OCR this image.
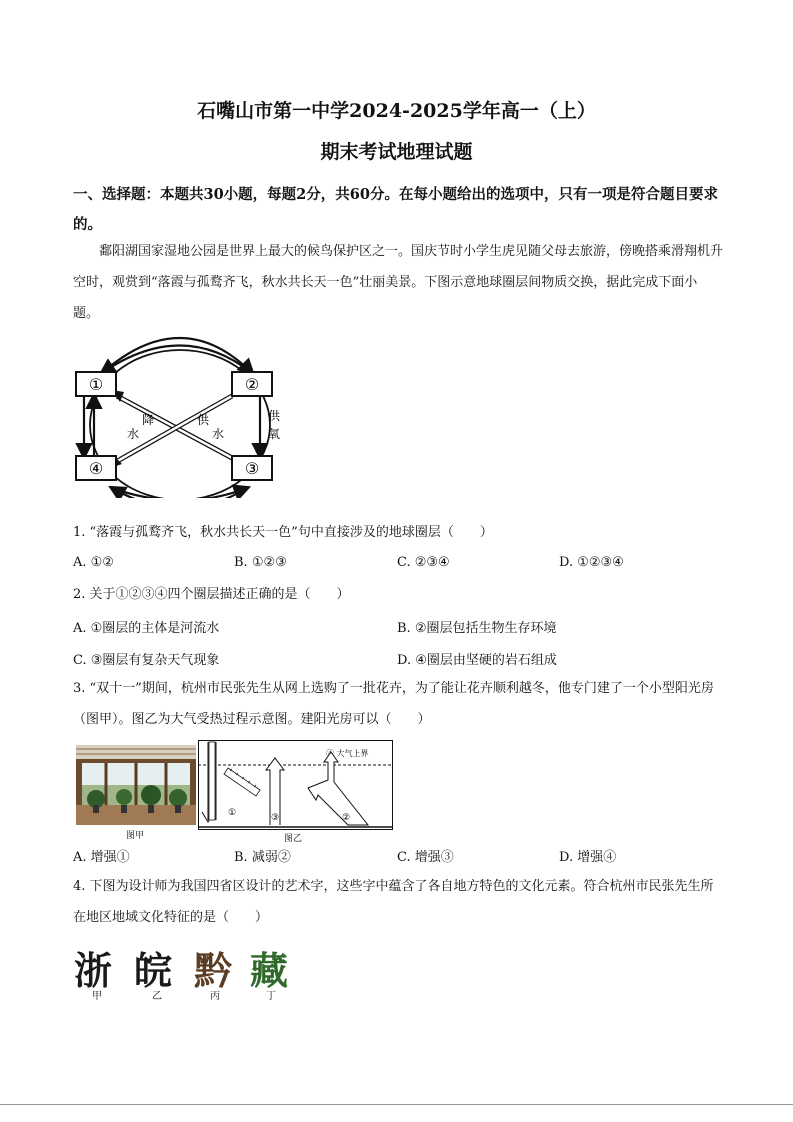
石嘴山市第一中学2024-2025学年高一（上）
期末考试地理试题
一、选择题：本题共30小题，每题2分，共60分。在每小题给出的选项中，只有一项是符合题目要求的。
鄱阳湖国家湿地公园是世界上最大的候鸟保护区之一。国庆节时小学生虎见随父母去旅游，傍晚搭乘滑翔机升空时，观赏到“落霞与孤鹜齐飞，秋水共长天一色”壮丽美景。下图示意地球圈层间物质交换，据此完成下面小题。
①	②
④	③
降
水
供
水
供
氧
1. “落霞与孤鹜齐飞，秋水共长天一色”句中直接涉及的地球圈层（　　）
A. ①②	B. ①②③	C. ②③④	D. ①②③④
2. 关于①②③④四个圈层描述正确的是（　　）
A. ①圈层的主体是河流水	B. ②圈层包括生物生存环境
C. ③圈层有复杂天气现象	D. ④圈层由坚硬的岩石组成
3. “双十一”期间，杭州市民张先生从网上选购了一批花卉，为了能让花卉顺利越冬，他专门建了一个小型阳光房（图甲）。图乙为大气受热过程示意图。建阳光房可以（　　）
图甲
④ 大气上界
①	③	②
图乙
A. 增强①	B. 减弱②	C. 增强③	D. 增强④
4. 下图为设计师为我国四省区设计的艺术字，这些字中蕴含了各自地方特色的文化元素。符合杭州市民张先生所在地区地域文化特征的是（　　）
浙 皖 黔 藏
甲	乙	丙	丁
